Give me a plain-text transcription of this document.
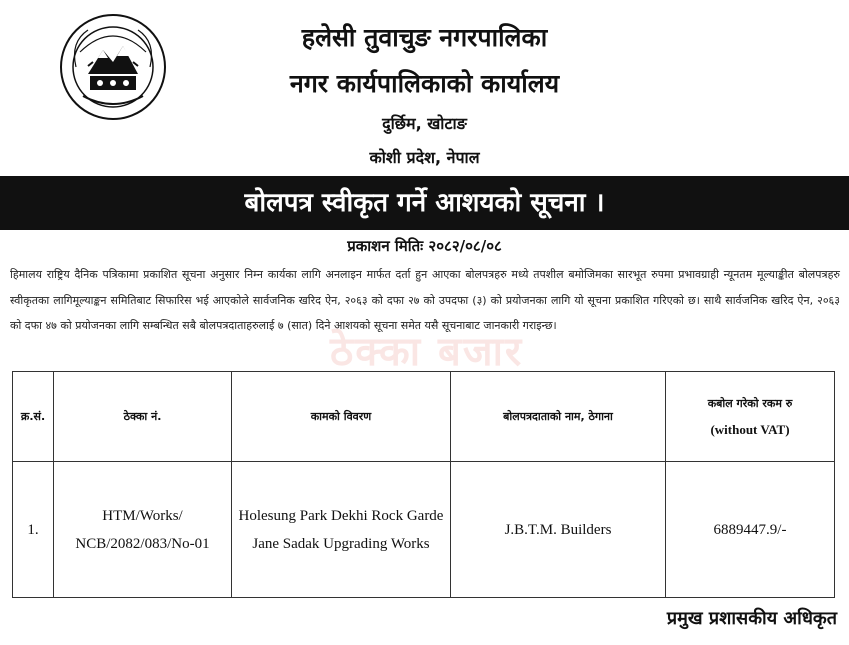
हलेसी तुवाचुङ नगरपालिका
नगर कार्यपालिकाको कार्यालय
दुर्छिम, खोटाङ
कोशी प्रदेश, नेपाल
बोलपत्र स्वीकृत गर्ने आशयको सूचना ।
प्रकाशन मितिः २०८२/०८/०८
हिमालय राष्ट्रिय दैनिक पत्रिकामा प्रकाशित सूचना अनुसार निम्न कार्यका लागि अनलाइन मार्फत दर्ता हुन आएका बोलपत्रहरु मध्ये तपशील बमोजिमका सारभूत रुपमा प्रभावग्राही न्यूनतम मूल्याङ्कीत बोलपत्रहरु स्वीकृतका लागिमूल्याङ्कन समितिबाट सिफारिस भई आएकोले सार्वजनिक खरिद ऐन, २०६३ को दफा २७ को उपदफा (३) को प्रयोजनका लागि यो सूचना प्रकाशित गरिएको छ। साथै सार्वजनिक खरिद ऐन, २०६३ को दफा ४७ को प्रयोजनका लागि सम्बन्धित सबै बोलपत्रदाताहरुलाई ७ (सात) दिने आशयको सूचना समेत यसै सूचनाबाट जानकारी गराइन्छ।
ठेक्का बजार
क्र.सं.	ठेक्का नं.	कामको विवरण	बोलपत्रदाताको नाम, ठेगाना	कबोल गरेको रकम रु
(without VAT)

1.	HTM/Works/ NCB/2082/083/No-01	Holesung Park Dekhi Rock Garde Jane Sadak Upgrading Works	J.B.T.M. Builders	6889447.9/-
प्रमुख प्रशासकीय अधिकृत
